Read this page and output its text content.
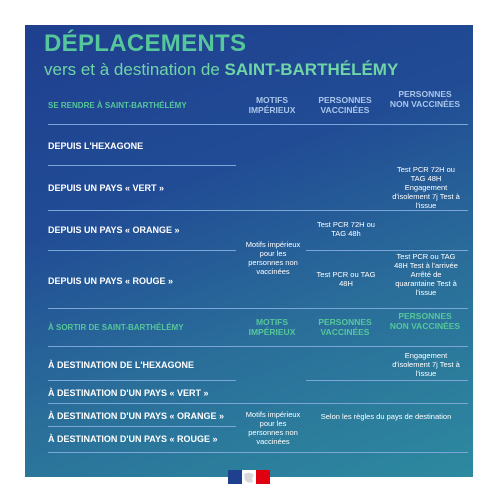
DÉPLACEMENTS
vers et à destination de SAINT-BARTHÉLÉMY
SE RENDRE À SAINT-BARTHÉLÉMY
MOTIFS IMPÉRIEUX
PERSONNES VACCINÉES
PERSONNES NON VACCINÉES
DEPUIS L'HEXAGONE
DEPUIS UN PAYS « VERT »
DEPUIS UN PAYS « ORANGE »
DEPUIS UN PAYS « ROUGE »
Test PCR 72H ou TAG 48H Engagement d'isolement 7j Test à l'issue
Test PCR 72H ou TAG 48h
Motifs impérieux pour les personnes non vaccinées	Test PCR ou TAG 48H
Test PCR ou TAG 48H Test à l'arrivée Arrêté de quarantaine Test à l'issue
À SORTIR DE SAINT-BARTHÉLÉMY
MOTIFS IMPÉRIEUX
PERSONNES VACCINÉES
PERSONNES NON VACCINÉES
À DESTINATION DE L'HEXAGONE
Engagement d'isolement 7j Test à l'issue
À DESTINATION D'UN PAYS « VERT »
À DESTINATION D'UN PAYS « ORANGE »
À DESTINATION D'UN PAYS « ROUGE »
Motifs impérieux pour les personnes non vaccinées
Selon les règles du pays de destination
